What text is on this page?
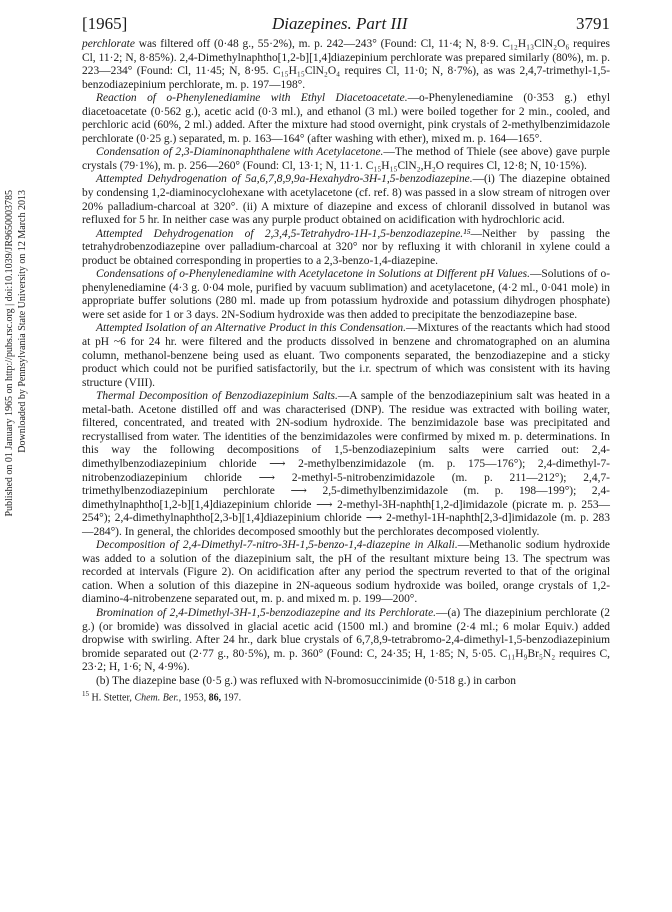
[1965]	Diazepines. Part III	3791
Downloaded by Pennsylvania State University on 12 March 2013
Published on 01 January 1965 on http://pubs.rsc.org | doi:10.1039/JR9650003785

perchlorate was filtered off (0·48 g., 55·2%), m. p. 242—243° (Found: Cl, 11·4; N, 8·9. C₁₂H₁₃ClN₂O₆ requires Cl, 11·2; N, 8·85%). 2,4-Dimethylnaphtho[1,2-b][1,4]diazepinium perchlorate was prepared similarly (80%), m. p. 223—234° (Found: Cl, 11·45; N, 8·95. C₁₅H₁₅ClN₂O₄ requires Cl, 11·0; N, 8·7%), as was 2,4,7-trimethyl-1,5-benzodiazepinium perchlorate, m. p. 197—198°.

Reaction of o-Phenylenediamine with Ethyl Diacetoacetate.—o-Phenylenediamine (0·353 g.) ethyl diacetoacetate (0·562 g.), acetic acid (0·3 ml.), and ethanol (3 ml.) were boiled together for 2 min., cooled, and perchloric acid (60%, 2 ml.) added. After the mixture had stood overnight, pink crystals of 2-methylbenzimidazole perchlorate (0·25 g.) separated, m. p. 163—164° (after washing with ether), mixed m. p. 164—165°.

Condensation of 2,3-Diaminonaphthalene with Acetylacetone.—The method of Thiele (see above) gave purple crystals (79·1%), m. p. 256—260° (Found: Cl, 13·1; N, 11·1. C₁₅H₁₅ClN₂,H₂O requires Cl, 12·8; N, 10·15%).

Attempted Dehydrogenation of 5a,6,7,8,9,9a-Hexahydro-3H-1,5-benzodiazepine.—(i) The diazepine obtained by condensing 1,2-diaminocyclohexane with acetylacetone (cf. ref. 8) was passed in a slow stream of nitrogen over 20% palladium-charcoal at 320°. (ii) A mixture of diazepine and excess of chloranil dissolved in butanol was refluxed for 5 hr. In neither case was any purple product obtained on acidification with hydrochloric acid.

Attempted Dehydrogenation of 2,3,4,5-Tetrahydro-1H-1,5-benzodiazepine.¹⁵—Neither by passing the tetrahydrobenzodiazepine over palladium-charcoal at 320° nor by refluxing it with chloranil in xylene could a product be obtained corresponding in properties to a 2,3-benzo-1,4-diazepine.

Condensations of o-Phenylenediamine with Acetylacetone in Solutions at Different pH Values.—Solutions of o-phenylenediamine (4·3 g. 0·04 mole, purified by vacuum sublimation) and acetylacetone, (4·2 ml., 0·041 mole) in appropriate buffer solutions (280 ml. made up from potassium hydroxide and potassium dihydrogen phosphate) were set aside for 1 or 3 days. 2N-Sodium hydroxide was then added to precipitate the benzodiazepine base.

Attempted Isolation of an Alternative Product in this Condensation.—Mixtures of the reactants which had stood at pH ~6 for 24 hr. were filtered and the products dissolved in benzene and chromatographed on an alumina column, methanol-benzene being used as eluant. Two components separated, the benzodiazepine and a sticky product which could not be purified satisfactorily, but the i.r. spectrum of which was consistent with its having structure (VIII).

Thermal Decomposition of Benzodiazepinium Salts.—A sample of the benzodiazepinium salt was heated in a metal-bath. Acetone distilled off and was characterised (DNP). The residue was extracted with boiling water, filtered, concentrated, and treated with 2N-sodium hydroxide. The benzimidazole base was precipitated and recrystallised from water. The identities of the benzimidazoles were confirmed by mixed m. p. determinations. In this way the following decompositions of 1,5-benzodiazepinium salts were carried out: 2,4-dimethylbenzodiazepinium chloride ⟶ 2-methylbenzimidazole (m. p. 175—176°); 2,4-dimethyl-7-nitrobenzodiazepinium chloride ⟶ 2-methyl-5-nitrobenzimidazole (m. p. 211—212°); 2,4,7-trimethylbenzodiazepinium perchlorate ⟶ 2,5-dimethylbenzimidazole (m. p. 198—199°); 2,4-dimethylnaphtho[1,2-b][1,4]diazepinium chloride ⟶ 2-methyl-3H-naphth[1,2-d]imidazole (picrate m. p. 253—254°); 2,4-dimethylnaphtho[2,3-b][1,4]diazepinium chloride ⟶ 2-methyl-1H-naphth[2,3-d]imidazole (m. p. 283—284°). In general, the chlorides decomposed smoothly but the perchlorates decomposed violently.

Decomposition of 2,4-Dimethyl-7-nitro-3H-1,5-benzo-1,4-diazepine in Alkali.—Methanolic sodium hydroxide was added to a solution of the diazepinium salt, the pH of the resultant mixture being 13. The spectrum was recorded at intervals (Figure 2). On acidification after any period the spectrum reverted to that of the original cation. When a solution of this diazepine in 2N-aqueous sodium hydroxide was boiled, orange crystals of 1,2-diamino-4-nitrobenzene separated out, m. p. and mixed m. p. 199—200°.

Bromination of 2,4-Dimethyl-3H-1,5-benzodiazepine and its Perchlorate.—(a) The diazepinium perchlorate (2 g.) (or bromide) was dissolved in glacial acetic acid (1500 ml.) and bromine (2·4 ml.; 6 molar Equiv.) added dropwise with swirling. After 24 hr., dark blue crystals of 6,7,8,9-tetrabromo-2,4-dimethyl-1,5-benzodiazepinium bromide separated out (2·77 g., 80·5%), m. p. 360° (Found: C, 24·35; H, 1·85; N, 5·05. C₁₁H₉Br₅N₂ requires C, 23·2; H, 1·6; N, 4·9%).

(b) The diazepine base (0·5 g.) was refluxed with N-bromosuccinimide (0·518 g.) in carbon

$^{15}$ H. Stetter, Chem. Ber., 1953, 86, 197.
